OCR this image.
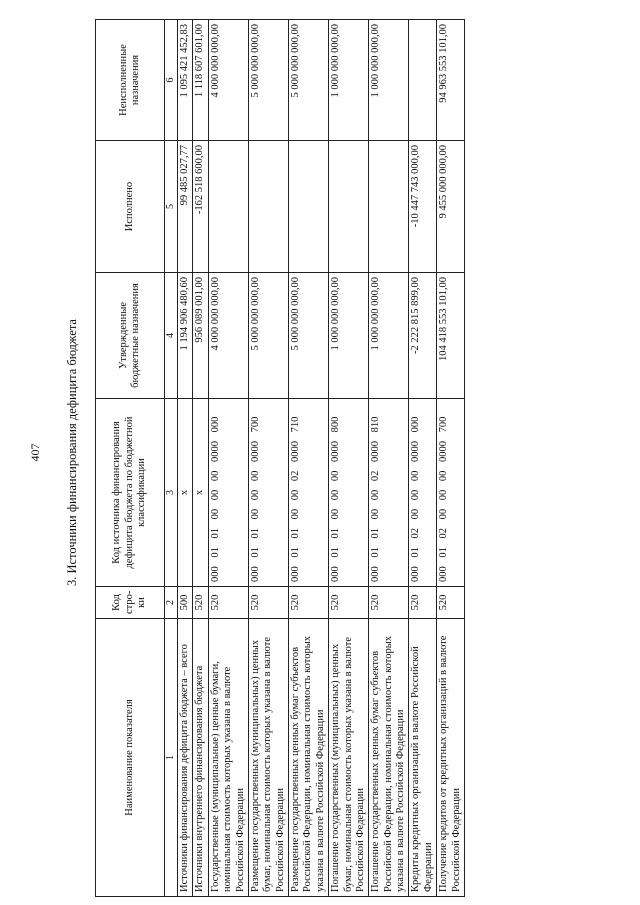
407 3. Источники финансирования дефицита бюджета
Наименование показателя	Код стро-ки	Код источника финансирования дефицита бюджета по бюджетной классификации	Утвержденные бюджетные назначения	Исполнено	Неисполненные назначения
1	2	3	4	5	6
Источники финансирования дефицита бюджета – всего	500	x	1 194 906 480,60	99 485 027,77	1 095 421 452,83
Источники внутреннего финансирования бюджета	520	x	956 089 001,00	-162 518 600,00	1 118 607 601,00
Государственные (муниципальные) ценные бумаги, номинальная стоимость которых указана в валюте Российской Федерации	520	000 01 01 00 00 00 0000 000	4 000 000 000,00		4 000 000 000,00
Размещение государственных (муниципальных) ценных бумаг, номинальная стоимость которых указана в валюте Российской Федерации	520	000 01 01 00 00 00 0000 700	5 000 000 000,00		5 000 000 000,00
Размещение государственных ценных бумаг субъектов Российской Федерации, номинальная стоимость которых указана в валюте Российской Федерации	520	000 01 01 00 00 02 0000 710	5 000 000 000,00		5 000 000 000,00
Погашение государственных (муниципальных) ценных бумаг, номинальная стоимость которых указана в валюте Российской Федерации	520	000 01 01 00 00 00 0000 800	1 000 000 000,00		1 000 000 000,00
Погашение государственных ценных бумаг субъектов Российской Федерации, номинальная стоимость которых указана в валюте Российской Федерации	520	000 01 01 00 00 02 0000 810	1 000 000 000,00		1 000 000 000,00
Кредиты кредитных организаций в валюте Российской Федерации	520	000 01 02 00 00 00 0000 000	-2 222 815 899,00	-10 447 743 000,00	
Получение кредитов от кредитных организаций в валюте Российской Федерации	520	000 01 02 00 00 00 0000 700	104 418 553 101,00	9 455 000 000,00	94 963 553 101,00
